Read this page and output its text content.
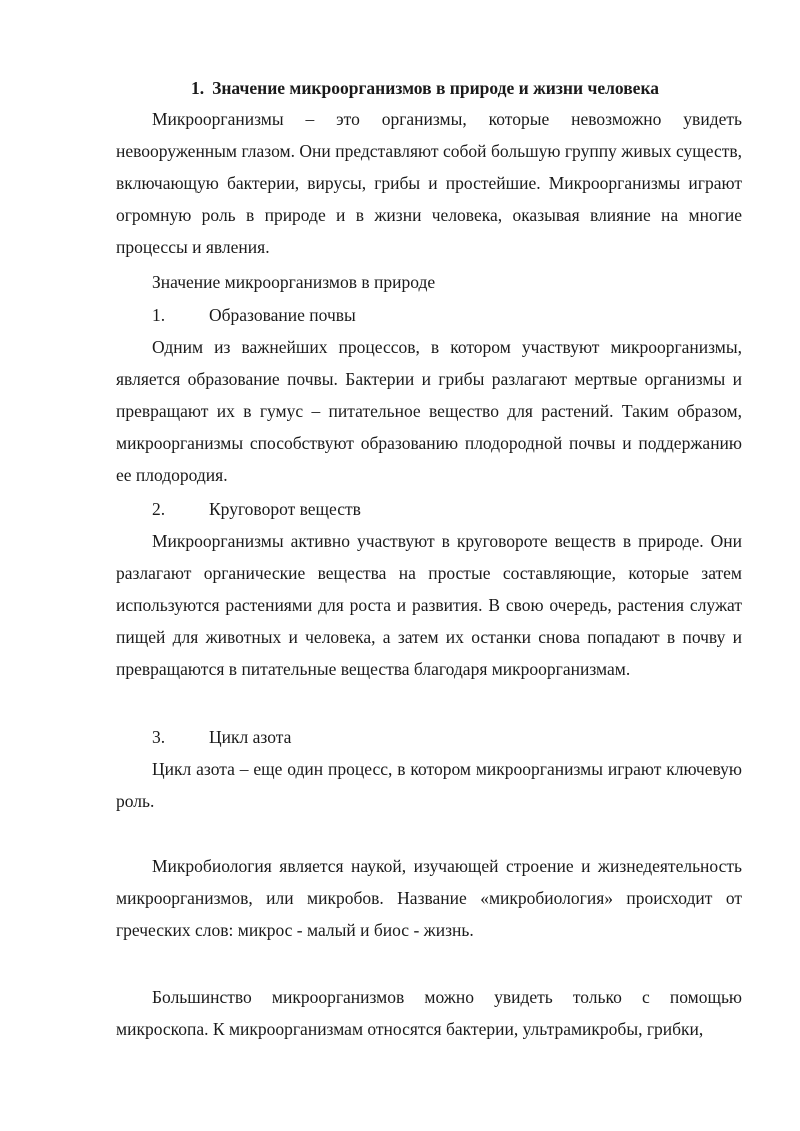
1. Значение микроорганизмов в природе и жизни человека

Микроорганизмы – это организмы, которые невозможно увидеть невооруженным глазом. Они представляют собой большую группу живых существ, включающую бактерии, вирусы, грибы и простейшие. Микроорганизмы играют огромную роль в природе и в жизни человека, оказывая влияние на многие процессы и явления.

Значение микроорганизмов в природе
1.	Образование почвы

Одним из важнейших процессов, в котором участвуют микроорганизмы, является образование почвы. Бактерии и грибы разлагают мертвые организмы и превращают их в гумус – питательное вещество для растений. Таким образом, микроорганизмы способствуют образованию плодородной почвы и поддержанию ее плодородия.

2.	Круговорот веществ

Микроорганизмы активно участвуют в круговороте веществ в природе. Они разлагают органические вещества на простые составляющие, которые затем используются растениями для роста и развития. В свою очередь, растения служат пищей для животных и человека, а затем их останки снова попадают в почву и превращаются в питательные вещества благодаря микроорганизмам.

3.	Цикл азота

Цикл азота – еще один процесс, в котором микроорганизмы играют ключевую роль.

Микробиология является наукой, изучающей строение и жизнедеятельность микроорганизмов, или микробов. Название «микробиология» происходит от греческих слов: микрос - малый и биос - жизнь.

Большинство микроорганизмов можно увидеть только с помощью микроскопа. К микроорганизмам относятся бактерии, ультрамикробы, грибки,
